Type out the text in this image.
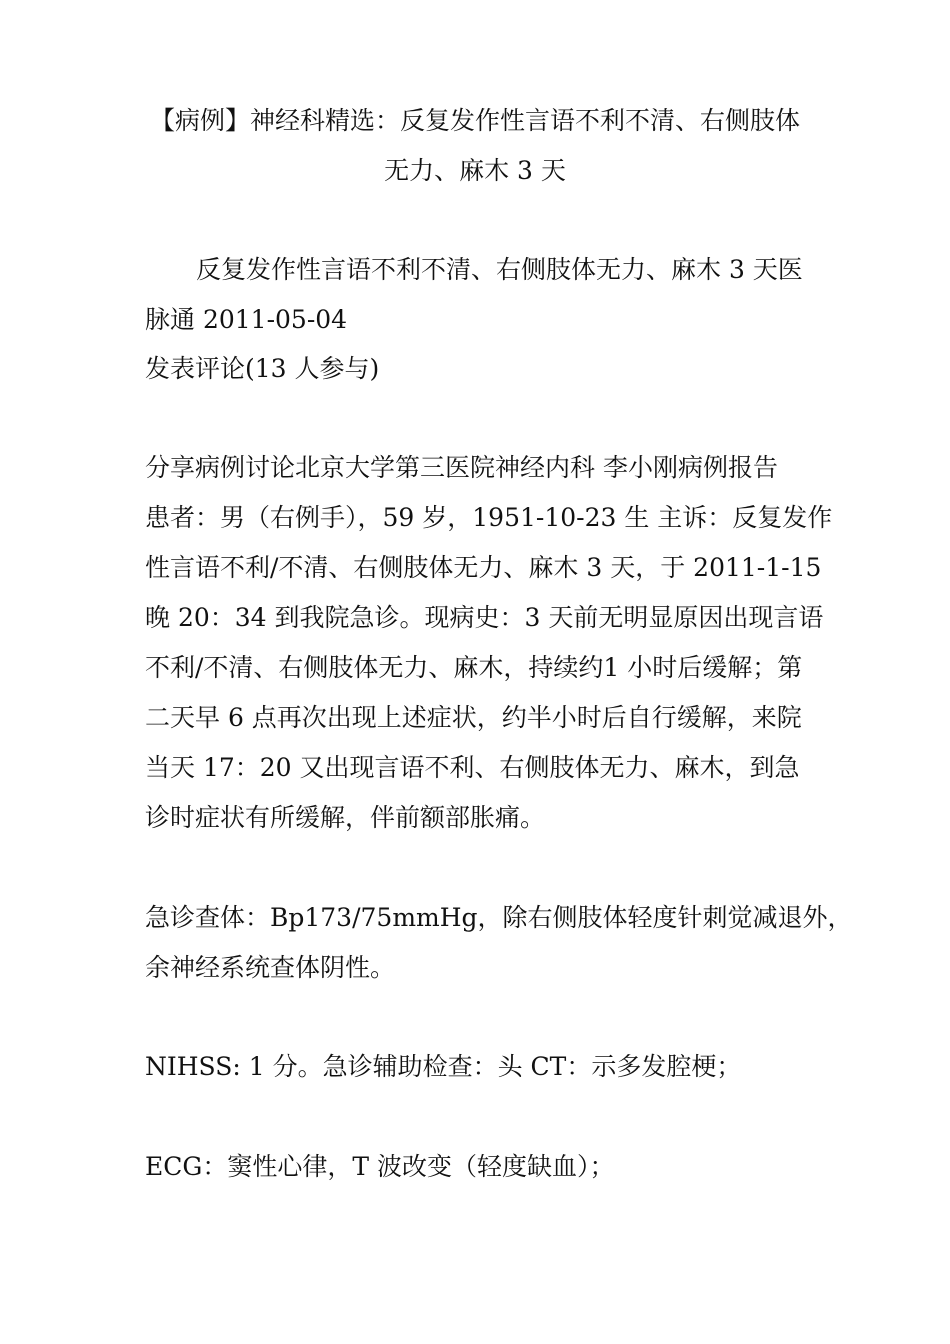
【病例】神经科精选：反复发作性言语不利不清、右侧肢体
无力、麻木 3 天
反复发作性言语不利不清、右侧肢体无力、麻木 3 天医
脉通 2011-05-04
发表评论(13 人参与)
分享病例讨论北京大学第三医院神经内科 李小刚病例报告
患者：男（右例手），59 岁，1951-10-23 生 主诉：反复发作
性言语不利/不清、右侧肢体无力、麻木 3 天，于 2011-1-15
晚 20：34 到我院急诊。现病史：3 天前无明显原因出现言语
不利/不清、右侧肢体无力、麻木，持续约1 小时后缓解；第
二天早 6 点再次出现上述症状，约半小时后自行缓解，来院
当天 17：20 又出现言语不利、右侧肢体无力、麻木，到急
诊时症状有所缓解，伴前额部胀痛。
急诊查体：Bp173/75mmHg，除右侧肢体轻度针刺觉减退外，
余神经系统查体阴性。
NIHSS: 1 分。急诊辅助检查：头 CT：示多发腔梗；
ECG：窦性心律，T 波改变（轻度缺血）；
